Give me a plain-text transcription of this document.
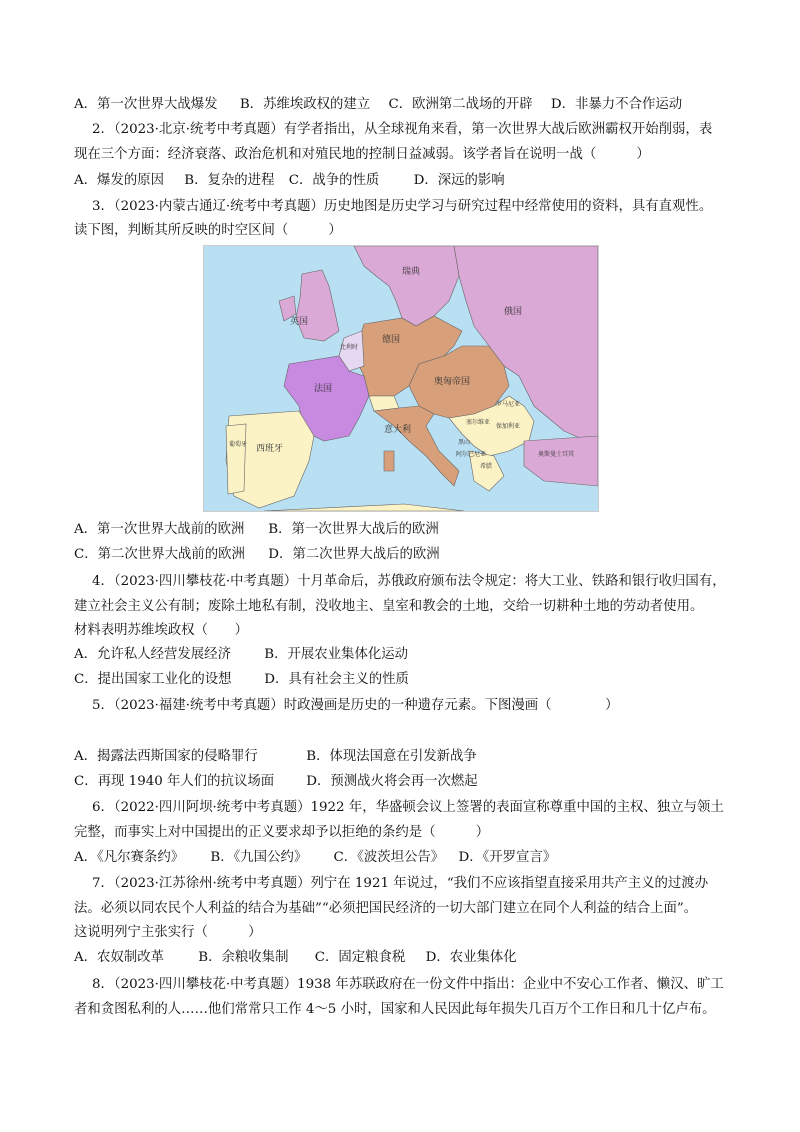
A．第一次世界大战爆发 B．苏维埃政权的建立 C．欧洲第二战场的开辟 D．非暴力不合作运动
2．（2023·北京·统考中考真题）有学者指出，从全球视角来看，第一次世界大战后欧洲霸权开始削弱，表
现在三个方面：经济衰落、政治危机和对殖民地的控制日益减弱。该学者旨在说明一战（　　　）
A．爆发的原因 B．复杂的进程 C．战争的性质	D．深远的影响
3．（2023·内蒙古通辽·统考中考真题）历史地图是历史学习与研究过程中经常使用的资料，具有直观性。
读下图，判断其所反映的时空区间（　　　）
瑞典
俄国
英国
德国
比利时
法国
奥匈帝国
罗马尼亚
塞尔维亚
保加利亚
黑山
阿尔巴尼亚
希腊
意大利
西班牙
葡萄牙
奥斯曼土耳其
A．第一次世界大战前的欧洲 B．第一次世界大战后的欧洲
C．第二次世界大战前的欧洲 D．第二次世界大战后的欧洲
4．（2023·四川攀枝花·中考真题）十月革命后，苏俄政府颁布法令规定：将大工业、铁路和银行收归国有，
建立社会主义公有制；废除土地私有制，没收地主、皇室和教会的土地，交给一切耕种土地的劳动者使用。
材料表明苏维埃政权（　　）
A．允许私人经营发展经济 B．开展农业集体化运动
C．提出国家工业化的设想 D．具有社会主义的性质
5．（2023·福建·统考中考真题）时政漫画是历史的一种遗存元素。下图漫画（　　　　）
A．揭露法西斯国家的侵略罪行	B．体现法国意在引发新战争
C．再现 1940 年人们的抗议场面 D．预测战火将会再一次燃起
6．（2022·四川阿坝·统考中考真题）1922 年，华盛顿会议上签署的表面宣称尊重中国的主权、独立与领土
完整，而事实上对中国提出的正义要求却予以拒绝的条约是（　　　）
A．《凡尔赛条约》 B．《九国公约》 C．《波茨坦公告》 D．《开罗宣言》
7．（2023·江苏徐州·统考中考真题）列宁在 1921 年说过，“我们不应该指望直接采用共产主义的过渡办
法。必须以同农民个人利益的结合为基础”“必须把国民经济的一切大部门建立在同个人利益的结合上面”。
这说明列宁主张实行（　　　）
A．农奴制改革	B．余粮收集制 C．固定粮食税 D．农业集体化
8．（2023·四川攀枝花·中考真题）1938 年苏联政府在一份文件中指出：企业中不安心工作者、懒汉、旷工
者和贪图私利的人……他们常常只工作 4～5 小时，国家和人民因此每年损失几百万个工作日和几十亿卢布。
